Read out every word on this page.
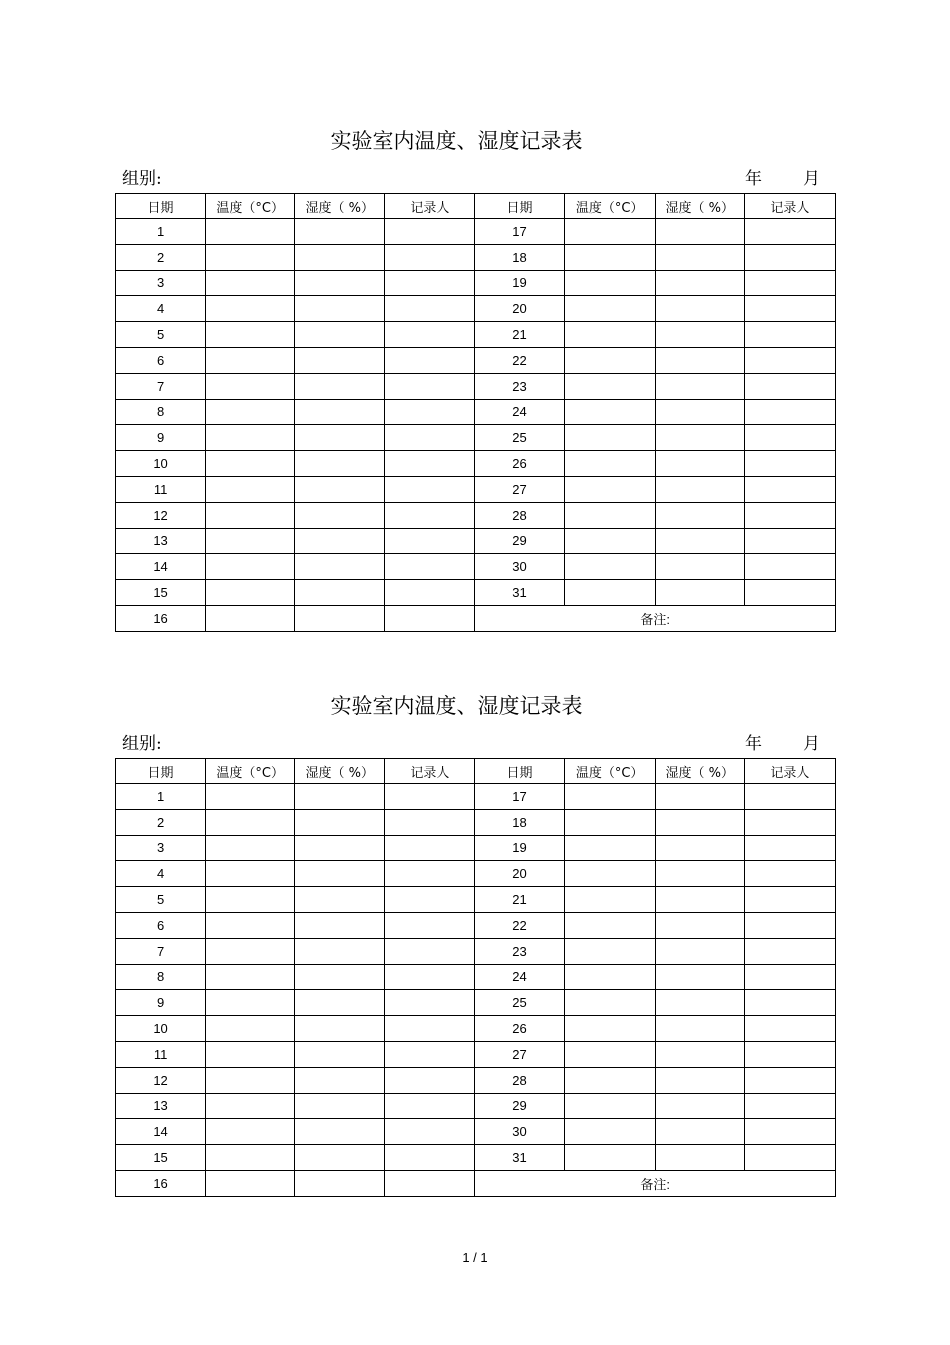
实验室内温度、湿度记录表
组别:	年 月
日期	温度（°C）	湿度（ %）	记录人	日期	温度（°C）	湿度（ %）	记录人
1				17			
2				18			
3				19			
4				20			
5				21			
6				22			
7				23			
8				24			
9				25			
10				26			
11				27			
12				28			
13				29			
14				30			
15				31			
16				备注:			
实验室内温度、湿度记录表
组别:	年 月
日期	温度（°C）	湿度（ %）	记录人	日期	温度（°C）	湿度（ %）	记录人
1				17			
2				18			
3				19			
4				20			
5				21			
6				22			
7				23			
8				24			
9				25			
10				26			
11				27			
12				28			
13				29			
14				30			
15				31			
16				备注:			
1 / 1
